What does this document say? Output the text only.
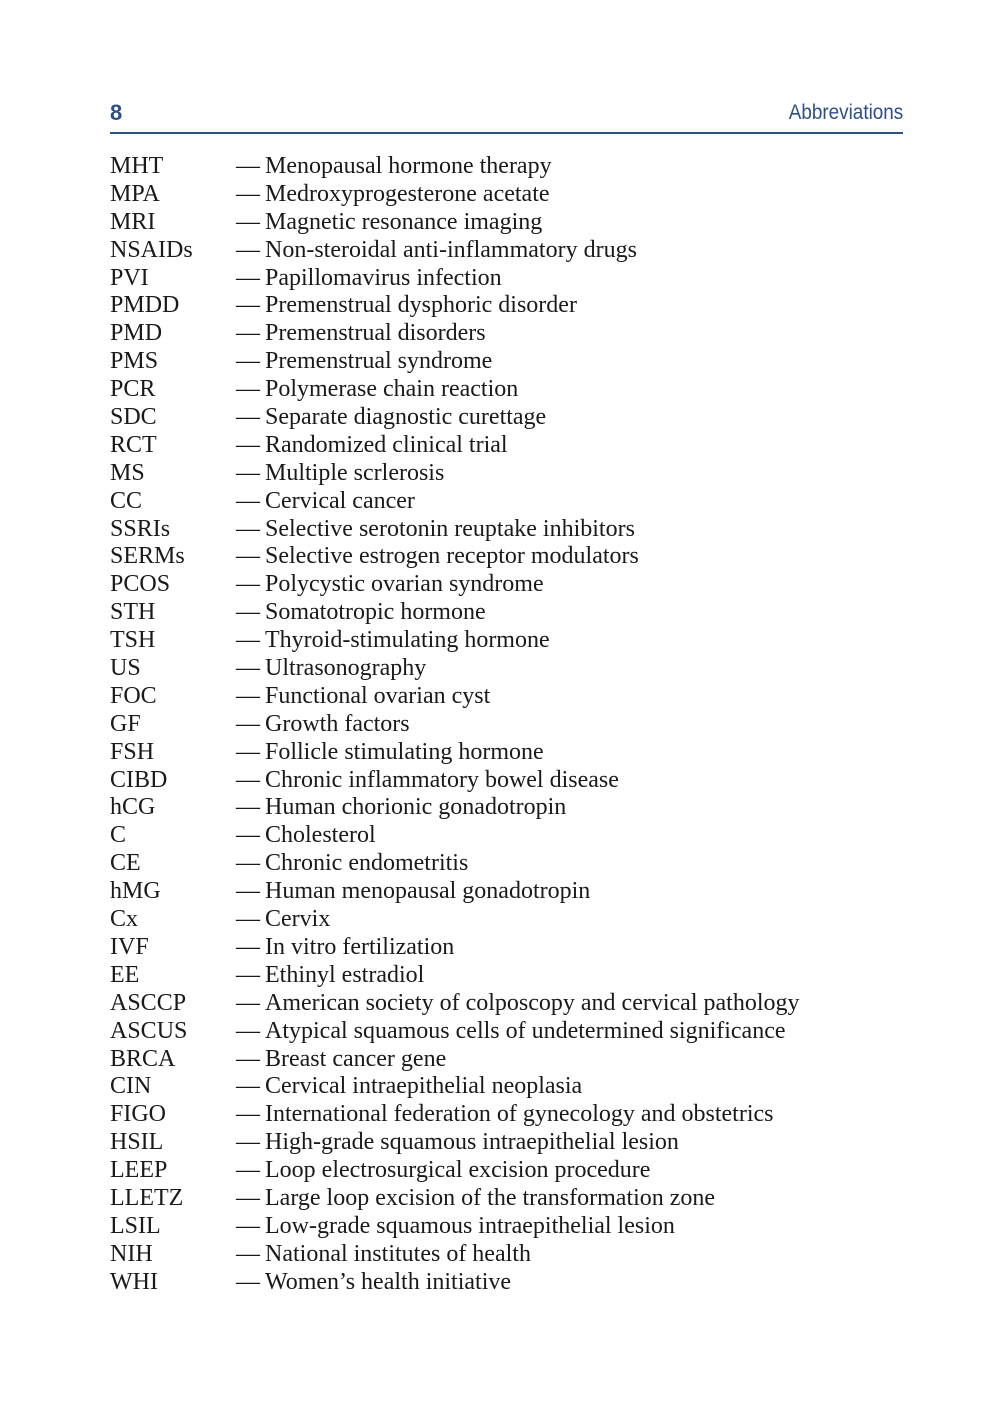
8	Abbreviations
MHT	— Menopausal hormone therapy
MPA	— Medroxyprogesterone acetate
MRI	— Magnetic resonance imaging
NSAIDs — Non-steroidal anti-inflammatory drugs
PVI	— Papillomavirus infection
PMDD — Premenstrual dysphoric disorder
PMD	— Premenstrual disorders
PMS	— Premenstrual syndrome
PCR	— Polymerase chain reaction
SDC	— Separate diagnostic curettage
RCT	— Randomized clinical trial
MS	— Multiple scrlerosis
CC	— Cervical cancer
SSRIs	— Selective serotonin reuptake inhibitors
SERMs — Selective estrogen receptor modulators
PCOS	— Polycystic ovarian syndrome
STH	— Somatotropic hormone
TSH	— Thyroid-stimulating hormone
US	— Ultrasonography
FOC	— Functional ovarian cyst
GF	— Growth factors
FSH	— Follicle stimulating hormone
CIBD	— Chronic inflammatory bowel disease
hCG	— Human chorionic gonadotropin
C	— Cholesterol
CE	— Chronic endometritis
hMG	— Human menopausal gonadotropin
Cx	— Cervix
IVF	— In vitro fertilization
EE	— Ethinyl estradiol
ASCCP — American society of colposcopy and cervical pathology
ASCUS — Atypical squamous cells of undetermined significance
BRCA	— Breast cancer gene
CIN	— Cervical intraepithelial neoplasia
FIGO	— International federation of gynecology and obstetrics
HSIL	— High-grade squamous intraepithelial lesion
LEEP	— Loop electrosurgical excision procedure
LLETZ — Large loop excision of the transformation zone
LSIL	— Low-grade squamous intraepithelial lesion
NIH	— National institutes of health
WHI	— Women’s health initiative
